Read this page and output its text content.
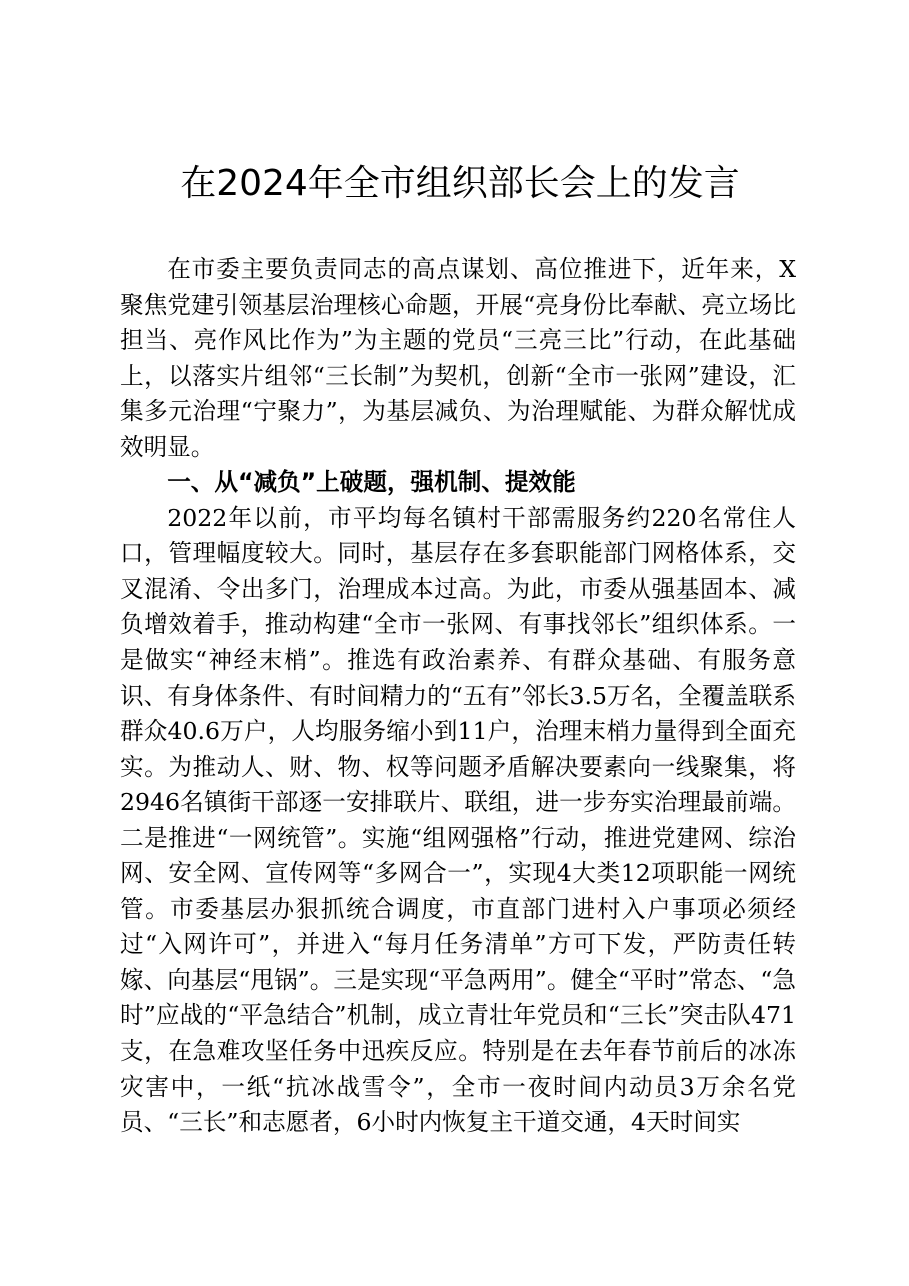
在2024年全市组织部长会上的发言

在市委主要负责同志的高点谋划、高位推进下，近年来，X聚焦党建引领基层治理核心命题，开展“亮身份比奉献、亮立场比担当、亮作风比作为”为主题的党员“三亮三比”行动，在此基础上，以落实片组邻“三长制”为契机，创新“全市一张网”建设，汇集多元治理“宁聚力”，为基层减负、为治理赋能、为群众解忧成效明显。

一、从“减负”上破题，强机制、提效能

2022年以前，市平均每名镇村干部需服务约220名常住人口，管理幅度较大。同时，基层存在多套职能部门网格体系，交叉混淆、令出多门，治理成本过高。为此，市委从强基固本、减负增效着手，推动构建“全市一张网、有事找邻长”组织体系。一是做实“神经末梢”。推选有政治素养、有群众基础、有服务意识、有身体条件、有时间精力的“五有”邻长3.5万名，全覆盖联系群众40.6万户，人均服务缩小到11户，治理末梢力量得到全面充实。为推动人、财、物、权等问题矛盾解决要素向一线聚集，将2946名镇街干部逐一安排联片、联组，进一步夯实治理最前端。二是推进“一网统管”。实施“组网强格”行动，推进党建网、综治网、安全网、宣传网等“多网合一”，实现4大类12项职能一网统管。市委基层办狠抓统合调度，市直部门进村入户事项必须经过“入网许可”，并进入“每月任务清单”方可下发，严防责任转嫁、向基层“甩锅”。三是实现“平急两用”。健全“平时”常态、“急时”应战的“平急结合”机制，成立青壮年党员和“三长”突击队471支，在急难攻坚任务中迅疾反应。特别是在去年春节前后的冰冻灾害中，一纸“抗冰战雪令”，全市一夜时间内动员3万余名党员、“三长”和志愿者，6小时内恢复主干道交通，4天时间实
